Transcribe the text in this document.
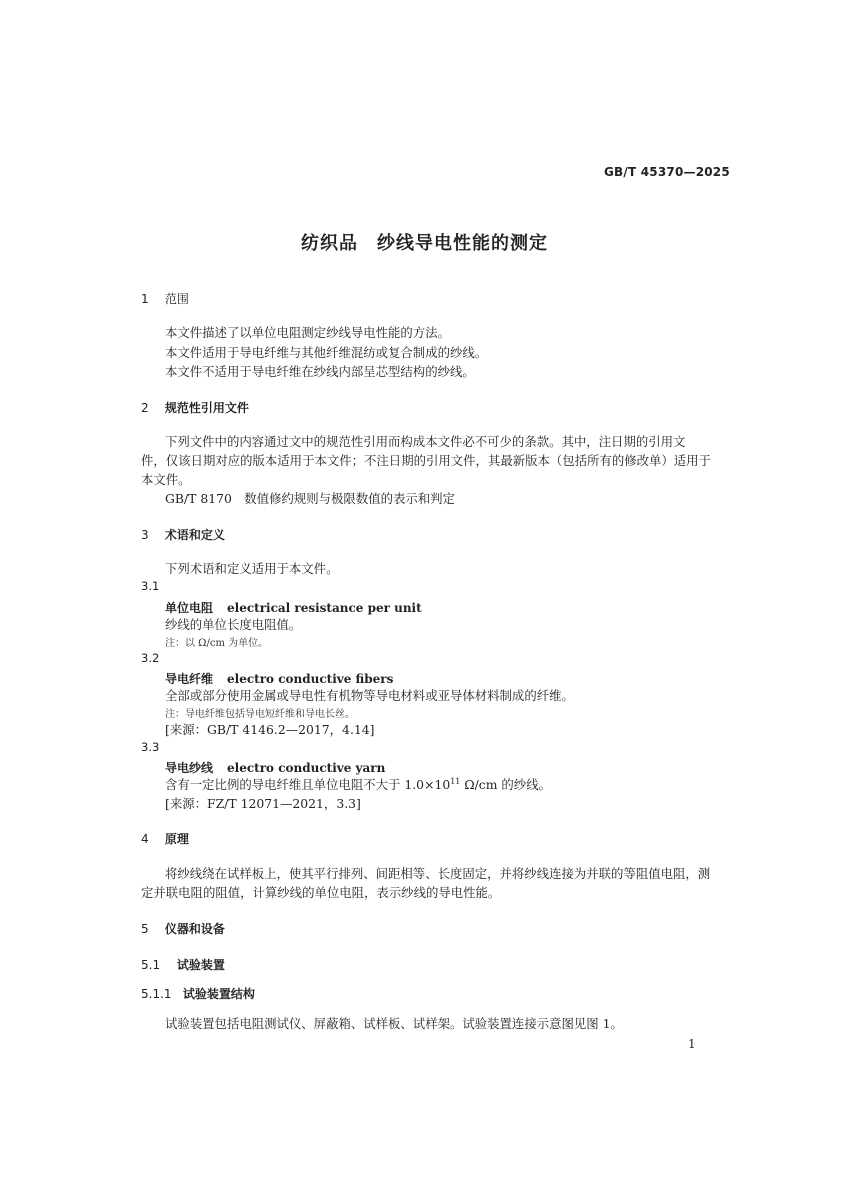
GB/T 45370—2025
纺织品　纱线导电性能的测定
1 范围
本文件描述了以单位电阻测定纱线导电性能的方法。
本文件适用于导电纤维与其他纤维混纺或复合制成的纱线。
本文件不适用于导电纤维在纱线内部呈芯型结构的纱线。
2 规范性引用文件
下列文件中的内容通过文中的规范性引用而构成本文件必不可少的条款。其中，注日期的引用文
件，仅该日期对应的版本适用于本文件；不注日期的引用文件，其最新版本（包括所有的修改单）适用于
本文件。
GB/T 8170　数值修约规则与极限数值的表示和判定
3 术语和定义
下列术语和定义适用于本文件。
3.1
单位电阻 electrical resistance per unit
纱线的单位长度电阻值。
注：以 Ω/cm 为单位。
3.2
导电纤维 electro conductive fibers
全部或部分使用金属或导电性有机物等导电材料或亚导体材料制成的纤维。
注：导电纤维包括导电短纤维和导电长丝。
[来源：GB/T 4146.2—2017，4.14]
3.3
导电纱线 electro conductive yarn
含有一定比例的导电纤维且单位电阻不大于 $1.0\times 10^{11}$ Ω/cm 的纱线。
[来源：FZ/T 12071—2021，3.3]
4 原理
将纱线绕在试样板上，使其平行排列、间距相等、长度固定，并将纱线连接为并联的等阻值电阻，测
定并联电阻的阻值，计算纱线的单位电阻，表示纱线的导电性能。
5 仪器和设备
5.1 试验装置
5.1.1 试验装置结构
试验装置包括电阻测试仪、屏蔽箱、试样板、试样架。试验装置连接示意图见图 1。
1
